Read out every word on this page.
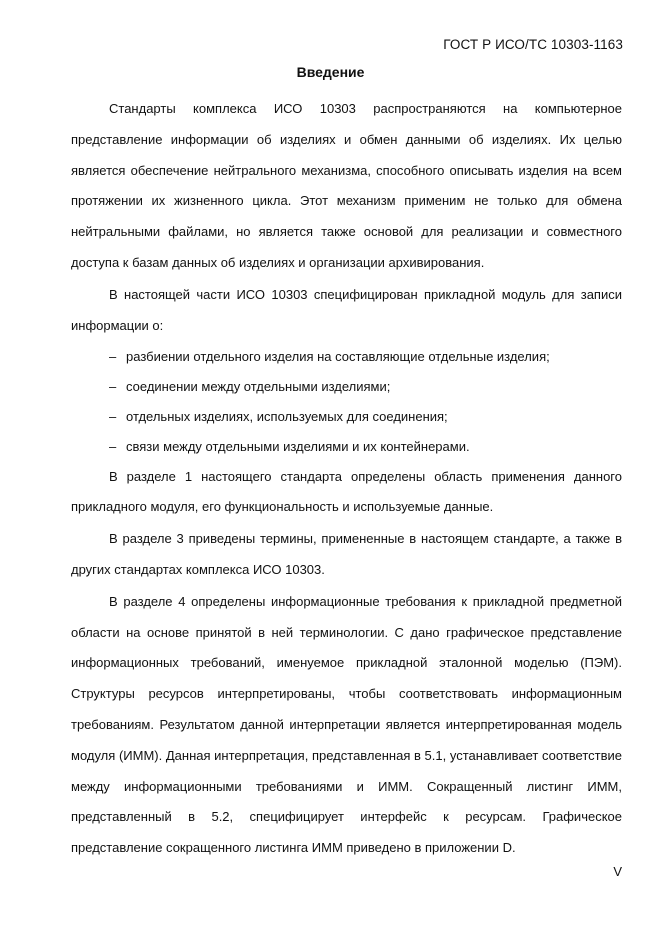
ГОСТ Р ИСО/ТС 10303-1163
Введение

Стандарты комплекса ИСО 10303 распространяются на компьютерное представление информации об изделиях и обмен данными об изделиях. Их целью является обеспечение нейтрального механизма, способного описывать изделия на всем протяжении их жизненного цикла. Этот механизм применим не только для обмена нейтральными файлами, но является также основой для реализации и совместного доступа к базам данных об изделиях и организации архивирования.

В настоящей части ИСО 10303 специфицирован прикладной модуль для записи информации о:

– разбиении отдельного изделия на составляющие отдельные изделия;
– соединении между отдельными изделиями;
– отдельных изделиях, используемых для соединения;
– связи между отдельными изделиями и их контейнерами.

В разделе 1 настоящего стандарта определены область применения данного прикладного модуля, его функциональность и используемые данные.

В разделе 3 приведены термины, примененные в настоящем стандарте, а также в других стандартах комплекса ИСО 10303.

В разделе 4 определены информационные требования к прикладной предметной области на основе принятой в ней терминологии. С дано графическое представление информационных требований, именуемое прикладной эталонной моделью (ПЭМ). Структуры ресурсов интерпретированы, чтобы соответствовать информационным требованиям. Результатом данной интерпретации является интерпретированная модель модуля (ИММ). Данная интерпретация, представленная в 5.1, устанавливает соответствие между информационными требованиями и ИММ. Сокращенный листинг ИММ, представленный в 5.2, специфицирует интерфейс к ресурсам. Графическое представление сокращенного листинга ИММ приведено в приложении D.

V
